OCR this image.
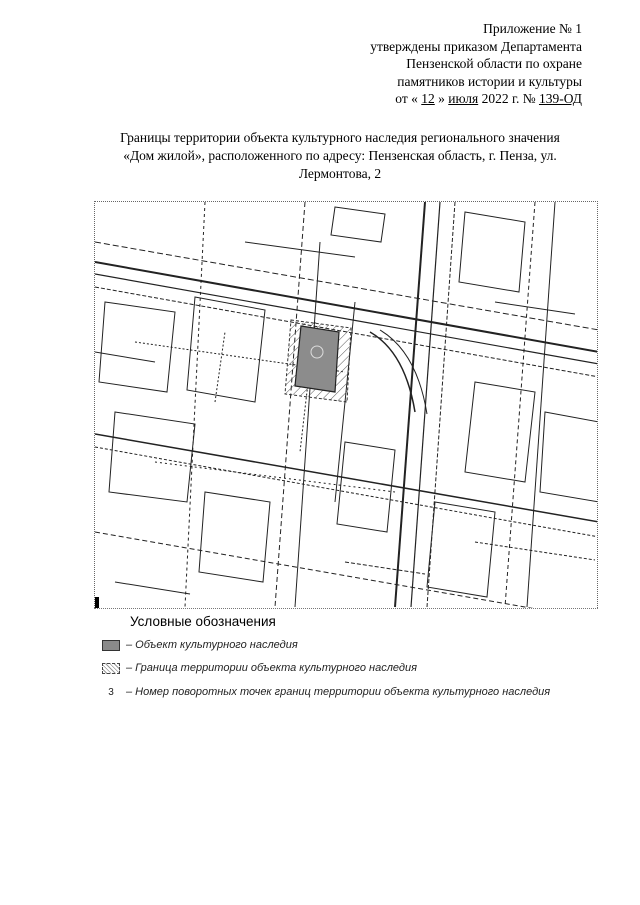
Приложение № 1
утверждены приказом Департамента
Пензенской области по охране
памятников истории и культуры
от « 12 » июля 2022 г. № 139-ОД
Границы территории объекта культурного наследия регионального значения
«Дом жилой», расположенного по адресу: Пензенская область, г. Пенза, ул.
Лермонтова, 2
Условные обозначения
– Объект культурного наследия
– Граница территории объекта культурного наследия
3	– Номер поворотных точек границ территории объекта культурного наследия
